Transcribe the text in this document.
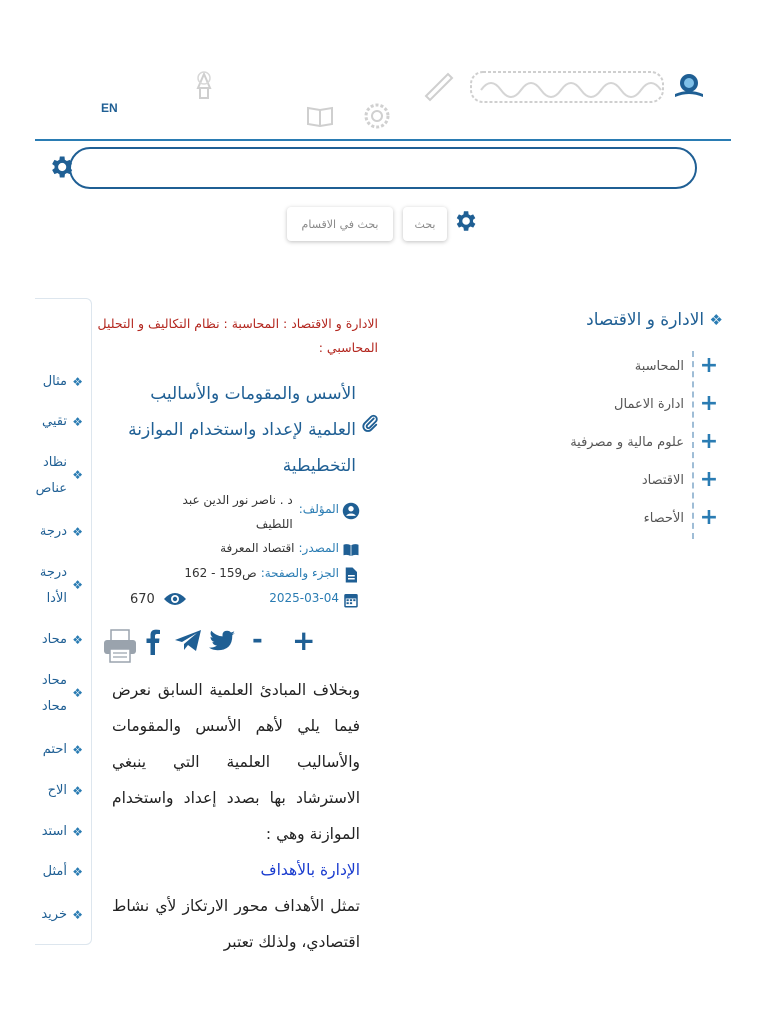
EN
بحث في الاقسام	بحث
❖ الادارة و الاقتصاد
+
المحاسبة
+
ادارة الاعمال
+
علوم مالية و مصرفية
+
الاقتصاد
+
الأحصاء
❖
مثال
❖
تقيي
❖
نظاد
عناص
❖
درجة
❖
درجة
الأدا
❖
محاد
❖
محاد
محاد
❖
احتم
❖
الاح
❖
استد
❖
أمثل
❖
خريد
الادارة و الاقتصاد : المحاسبة : نظام التكاليف و التحليل المحاسبي :
الأسس والمقومات والأساليب العلمية لإعداد واستخدام الموازنة التخطيطية
المؤلف:
د . ناصر نور الدين عبد اللطيف
المصدر:
اقتصاد المعرفة
الجزء والصفحة:
ص159 - 162
2025-03-04
670
- +
وبخلاف المبادئ العلمية السابق نعرض فيما يلي لأهم الأسس والمقومات والأساليب العلمية التي ينبغي الاسترشاد بها بصدد إعداد واستخدام الموازنة وهي :
الإدارة بالأهداف
تمثل الأهداف محور الارتكاز لأي نشاط اقتصادي، ولذلك تعتبر
